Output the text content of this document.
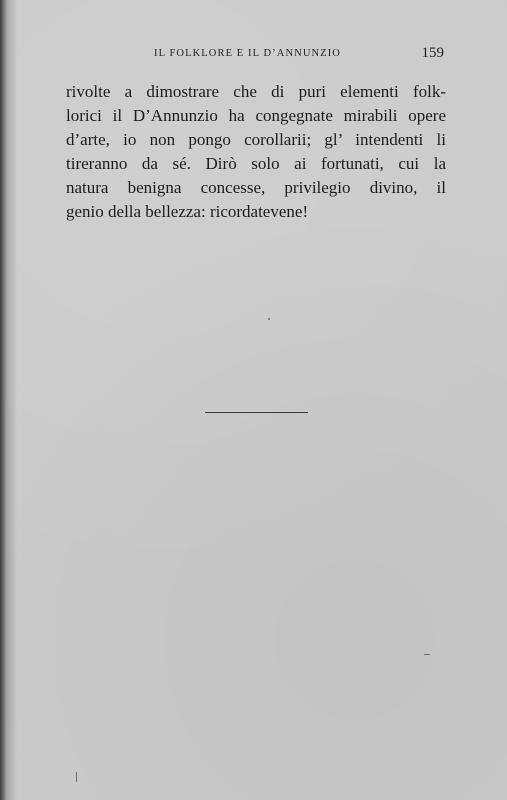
IL FOLKLORE E IL D’ANNUNZIO	159
rivolte a dimostrare che di puri elementi folk-
lorici il D’Annunzio ha congegnate mirabili opere
d’arte, io non pongo corollarii; gl’ intendenti li
tireranno da sé. Dirò solo ai fortunati, cui la
natura benigna concesse, privilegio divino, il
genio della bellezza: ricordatevene!
